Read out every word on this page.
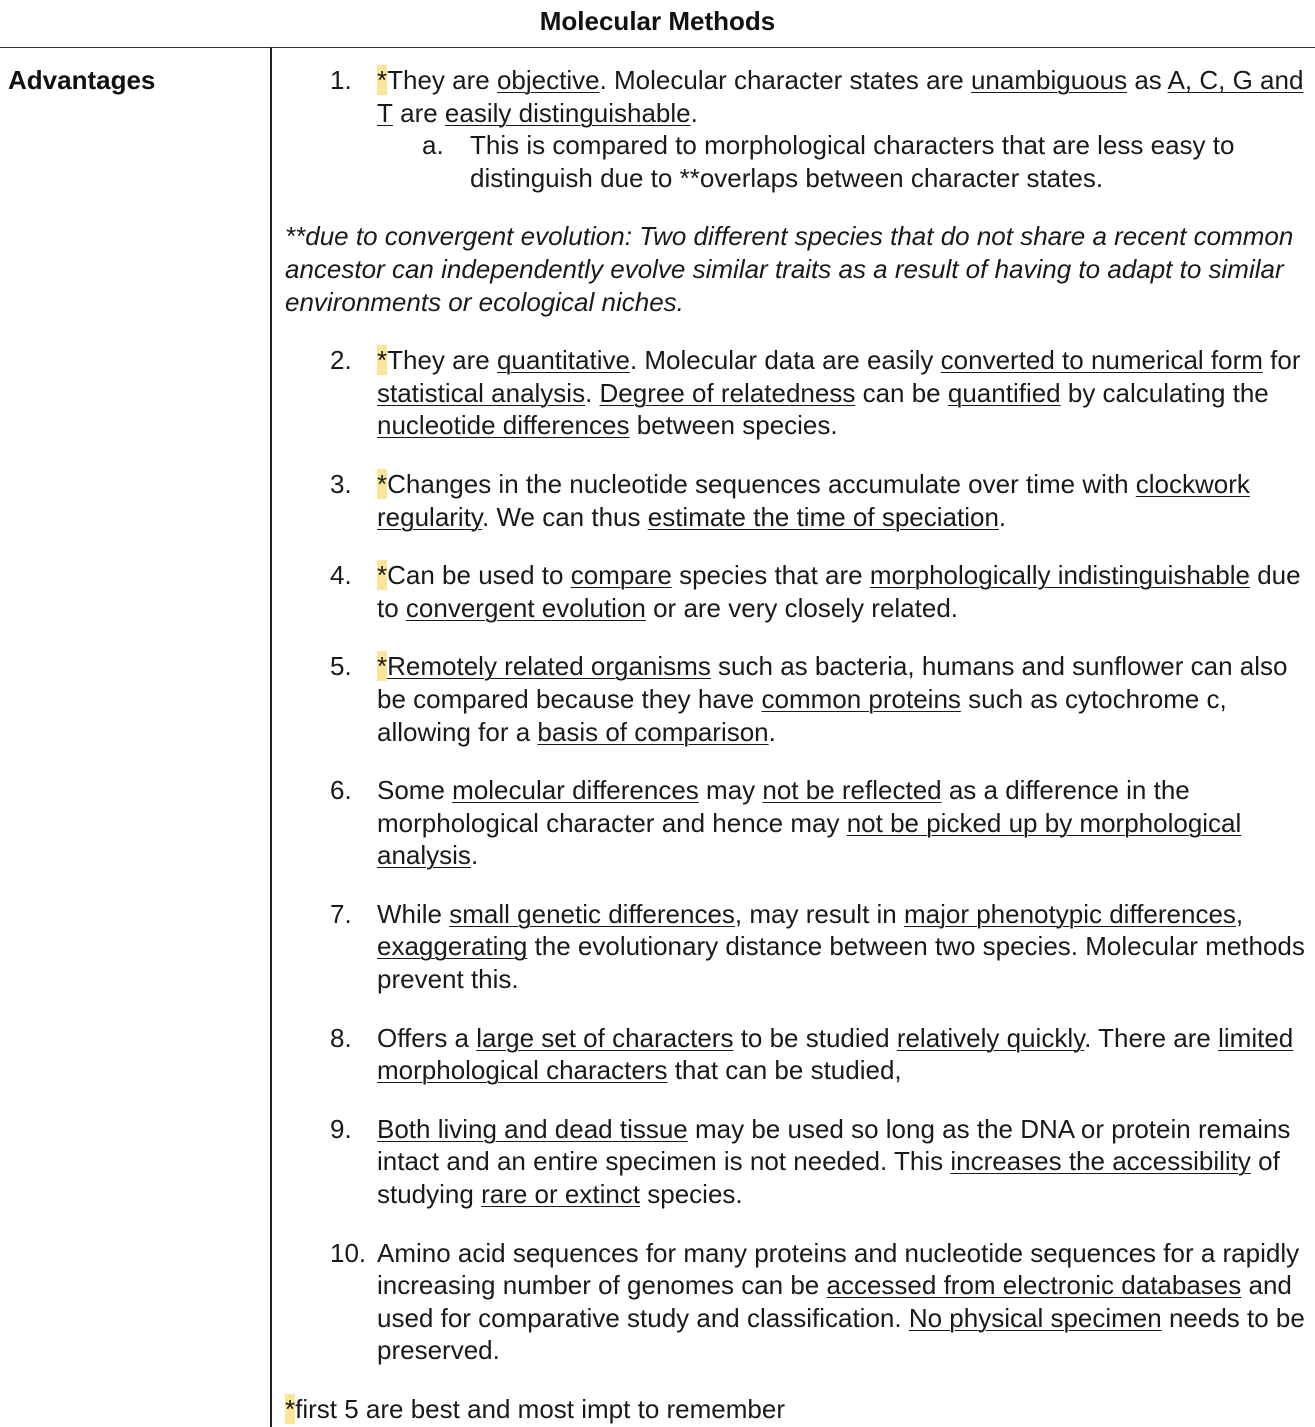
Molecular Methods
Advantages	1. *They are objective. Molecular character states are unambiguous as A, C, G and T are easily distinguishable.
a. This is compared to morphological characters that are less easy to distinguish due to **overlaps between character states.
**due to convergent evolution: Two different species that do not share a recent common ancestor can independently evolve similar traits as a result of having to adapt to similar environments or ecological niches.
2. *They are quantitative. Molecular data are easily converted to numerical form for statistical analysis. Degree of relatedness can be quantified by calculating the nucleotide differences between species.
3. *Changes in the nucleotide sequences accumulate over time with clockwork regularity. We can thus estimate the time of speciation.
4. *Can be used to compare species that are morphologically indistinguishable due to convergent evolution or are very closely related.
5. *Remotely related organisms such as bacteria, humans and sunflower can also be compared because they have common proteins such as cytochrome c, allowing for a basis of comparison.
6. Some molecular differences may not be reflected as a difference in the morphological character and hence may not be picked up by morphological analysis.
7. While small genetic differences, may result in major phenotypic differences, exaggerating the evolutionary distance between two species. Molecular methods prevent this.
8. Offers a large set of characters to be studied relatively quickly. There are limited morphological characters that can be studied,
9. Both living and dead tissue may be used so long as the DNA or protein remains intact and an entire specimen is not needed. This increases the accessibility of studying rare or extinct species.
10. Amino acid sequences for many proteins and nucleotide sequences for a rapidly increasing number of genomes can be accessed from electronic databases and used for comparative study and classification. No physical specimen needs to be preserved.
*first 5 are best and most impt to remember
